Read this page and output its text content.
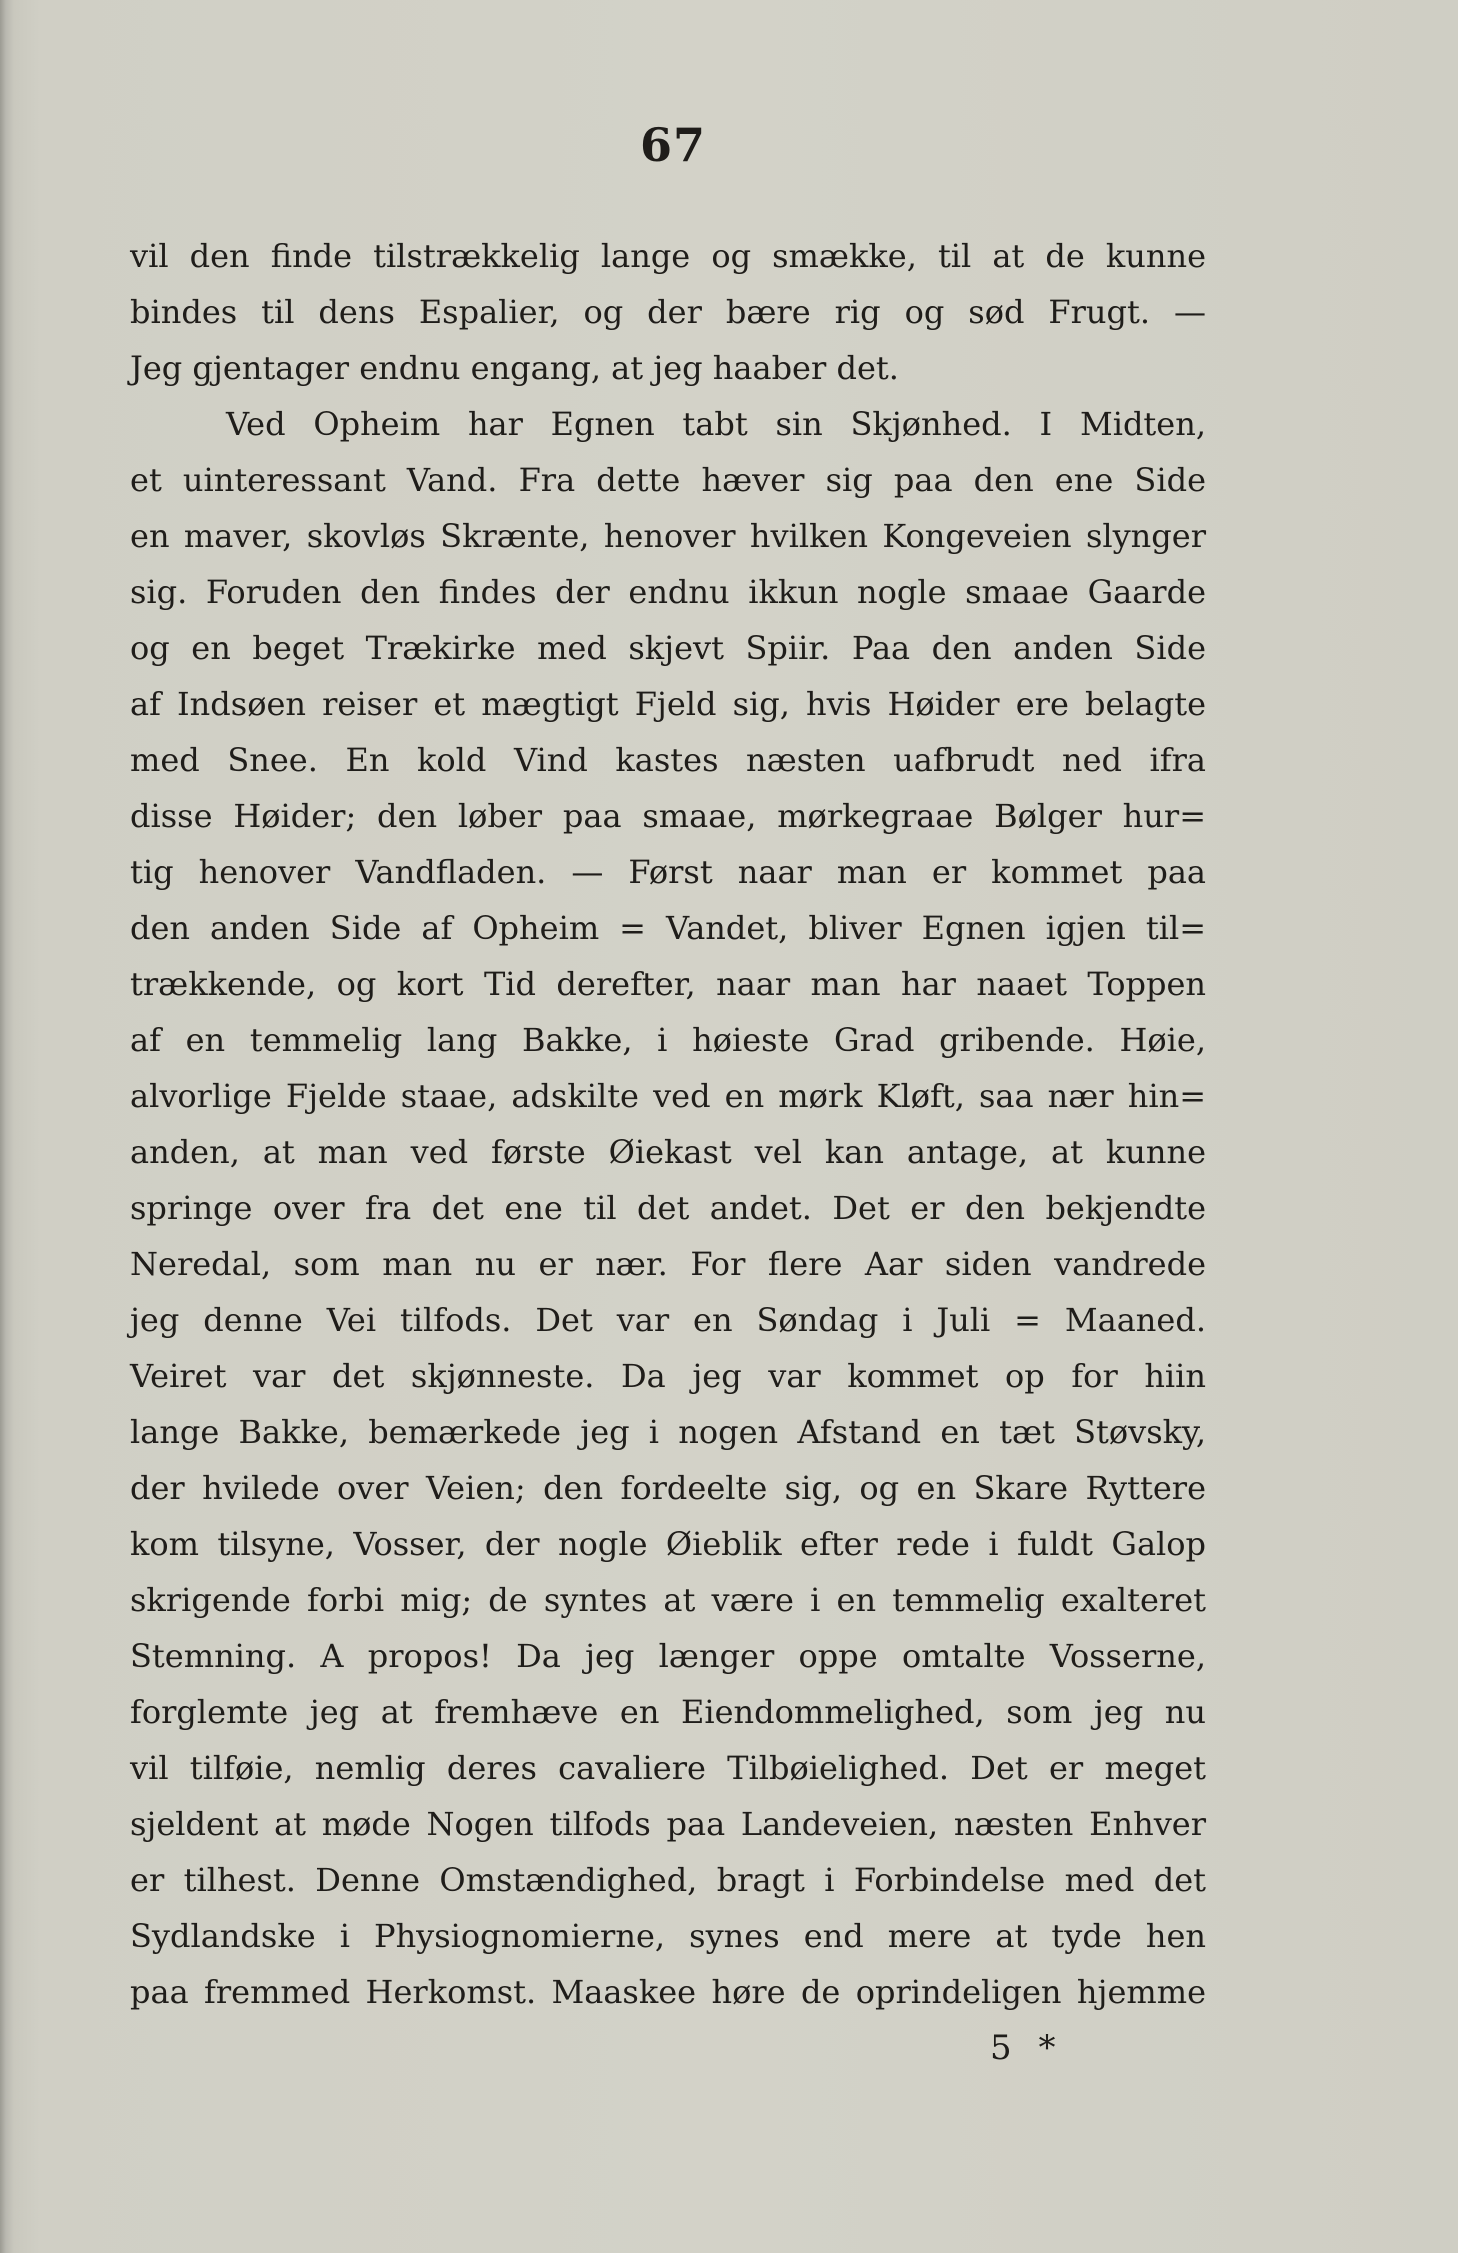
67
vil den finde tilstrækkelig lange og smække, til at de kunne
bindes til dens Espalier, og der bære rig og sød Frugt. —
Jeg gjentager endnu engang, at jeg haaber det.
Ved Opheim har Egnen tabt sin Skjønhed. I Midten,
et uinteressant Vand. Fra dette hæver sig paa den ene Side
en maver, skovløs Skrænte, henover hvilken Kongeveien slynger
sig. Foruden den findes der endnu ikkun nogle smaae Gaarde
og en beget Trækirke med skjevt Spiir. Paa den anden Side
af Indsøen reiser et mægtigt Fjeld sig, hvis Høider ere belagte
med Snee. En kold Vind kastes næsten uafbrudt ned ifra
disse Høider; den løber paa smaae, mørkegraae Bølger hur=
tig henover Vandfladen. — Først naar man er kommet paa
den anden Side af Opheim = Vandet, bliver Egnen igjen til=
trækkende, og kort Tid derefter, naar man har naaet Toppen
af en temmelig lang Bakke, i høieste Grad gribende. Høie,
alvorlige Fjelde staae, adskilte ved en mørk Kløft, saa nær hin=
anden, at man ved første Øiekast vel kan antage, at kunne
springe over fra det ene til det andet. Det er den bekjendte
Neredal, som man nu er nær. For flere Aar siden vandrede
jeg denne Vei tilfods. Det var en Søndag i Juli = Maaned.
Veiret var det skjønneste. Da jeg var kommet op for hiin
lange Bakke, bemærkede jeg i nogen Afstand en tæt Støvsky,
der hvilede over Veien; den fordeelte sig, og en Skare Ryttere
kom tilsyne, Vosser, der nogle Øieblik efter rede i fuldt Galop
skrigende forbi mig; de syntes at være i en temmelig exalteret
Stemning. A propos! Da jeg længer oppe omtalte Vosserne,
forglemte jeg at fremhæve en Eiendommelighed, som jeg nu
vil tilføie, nemlig deres cavaliere Tilbøielighed. Det er meget
sjeldent at møde Nogen tilfods paa Landeveien, næsten Enhver
er tilhest. Denne Omstændighed, bragt i Forbindelse med det
Sydlandske i Physiognomierne, synes end mere at tyde hen
paa fremmed Herkomst. Maaskee høre de oprindeligen hjemme
5 *
